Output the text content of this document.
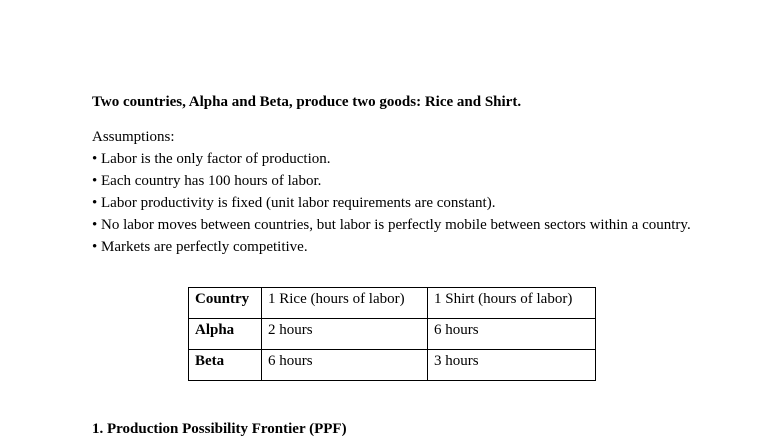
Two countries, Alpha and Beta, produce two goods: Rice and Shirt.
Assumptions:
• Labor is the only factor of production.
• Each country has 100 hours of labor.
• Labor productivity is fixed (unit labor requirements are constant).
• No labor moves between countries, but labor is perfectly mobile between sectors within a country.
• Markets are perfectly competitive.
Country	1 Rice (hours of labor)	1 Shirt (hours of labor)
Alpha	2 hours	6 hours
Beta	6 hours	3 hours
1. Production Possibility Frontier (PPF)
